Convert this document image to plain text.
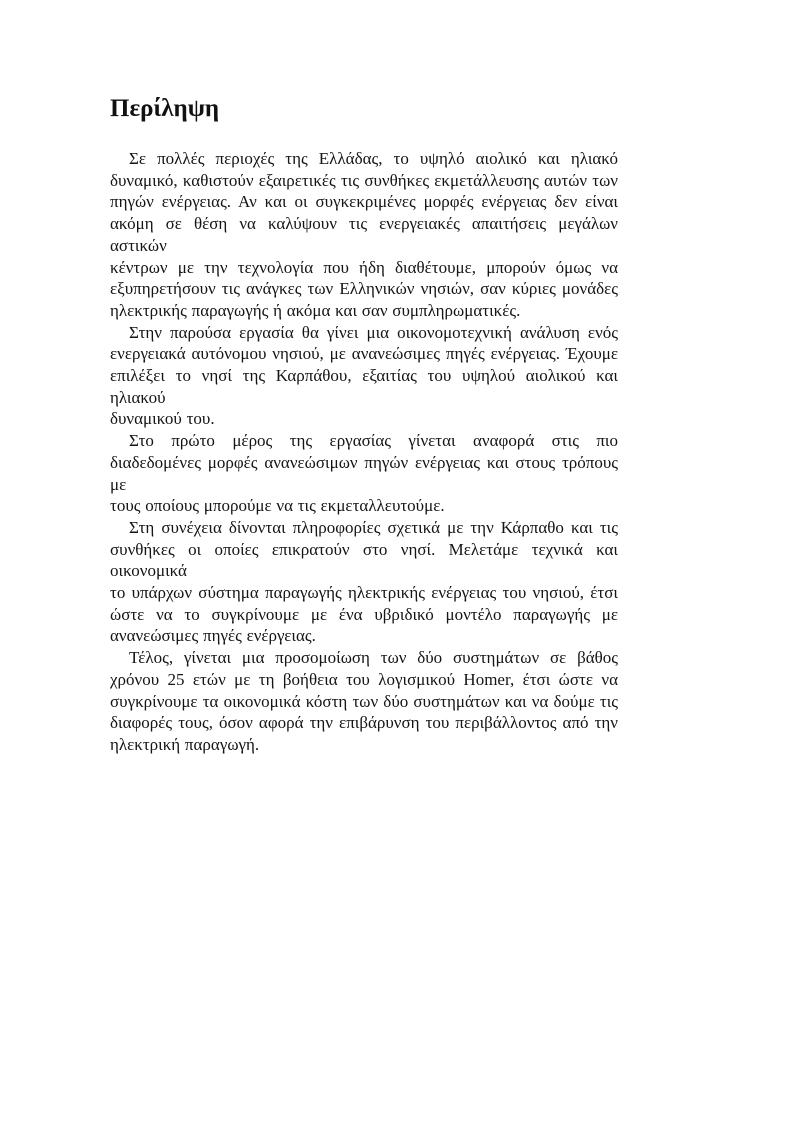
Περίληψη

Σε πολλές περιοχές της Ελλάδας, το υψηλό αιολικό και ηλιακό
δυναμικό, καθιστούν εξαιρετικές τις συνθήκες εκμετάλλευσης αυτών των
πηγών ενέργειας. Αν και οι συγκεκριμένες μορφές ενέργειας δεν είναι
ακόμη σε θέση να καλύψουν τις ενεργειακές απαιτήσεις μεγάλων αστικών
κέντρων με την τεχνολογία που ήδη διαθέτουμε, μπορούν όμως να
εξυπηρετήσουν τις ανάγκες των Ελληνικών νησιών, σαν κύριες μονάδες
ηλεκτρικής παραγωγής ή ακόμα και σαν συμπληρωματικές.

Στην παρούσα εργασία θα γίνει μια οικονομοτεχνική ανάλυση ενός
ενεργειακά αυτόνομου νησιού, με ανανεώσιμες πηγές ενέργειας. Έχουμε
επιλέξει το νησί της Καρπάθου, εξαιτίας του υψηλού αιολικού και ηλιακού
δυναμικού του.

Στο πρώτο μέρος της εργασίας γίνεται αναφορά στις πιο
διαδεδομένες μορφές ανανεώσιμων πηγών ενέργειας και στους τρόπους με
τους οποίους μπορούμε να τις εκμεταλλευτούμε.

Στη συνέχεια δίνονται πληροφορίες σχετικά με την Κάρπαθο και τις
συνθήκες οι οποίες επικρατούν στο νησί. Μελετάμε τεχνικά και οικονομικά
το υπάρχων σύστημα παραγωγής ηλεκτρικής ενέργειας του νησιού, έτσι
ώστε να το συγκρίνουμε με ένα υβριδικό μοντέλο παραγωγής με
ανανεώσιμες πηγές ενέργειας.

Τέλος, γίνεται μια προσομοίωση των δύο συστημάτων σε βάθος
χρόνου 25 ετών με τη βοήθεια του λογισμικού Homer, έτσι ώστε να
συγκρίνουμε τα οικονομικά κόστη των δύο συστημάτων και να δούμε τις
διαφορές τους, όσον αφορά την επιβάρυνση του περιβάλλοντος από την
ηλεκτρική παραγωγή.
